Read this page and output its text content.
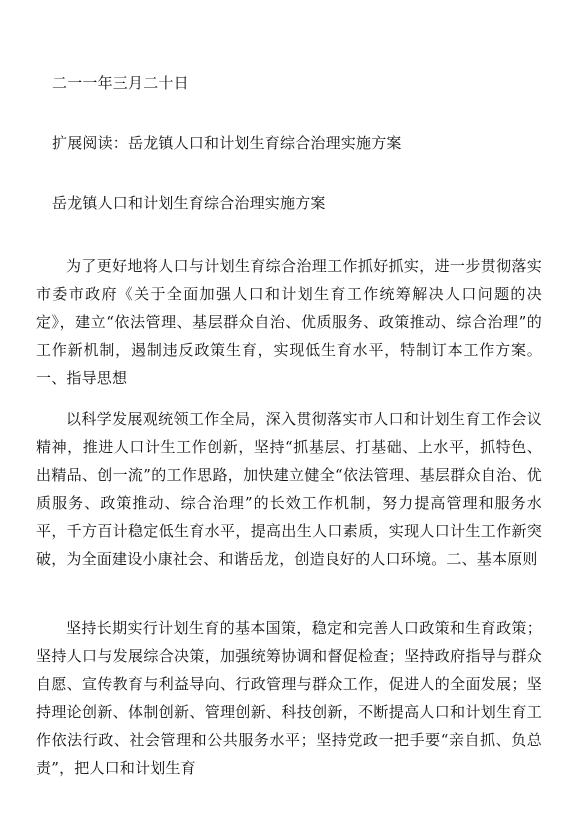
二一一年三月二十日

扩展阅读：岳龙镇人口和计划生育综合治理实施方案

岳龙镇人口和计划生育综合治理实施方案

为了更好地将人口与计划生育综合治理工作抓好抓实，进一步贯彻落实市委市政府《关于全面加强人口和计划生育工作统筹解决人口问题的决定》，建立“依法管理、基层群众自治、优质服务、政策推动、综合治理”的工作新机制，遏制违反政策生育，实现低生育水平，特制订本工作方案。一、指导思想

以科学发展观统领工作全局，深入贯彻落实市人口和计划生育工作会议精神，推进人口计生工作创新，坚持“抓基层、打基础、上水平，抓特色、出精品、创一流”的工作思路，加快建立健全“依法管理、基层群众自治、优质服务、政策推动、综合治理”的长效工作机制，努力提高管理和服务水平，千方百计稳定低生育水平，提高出生人口素质，实现人口计生工作新突破，为全面建设小康社会、和谐岳龙，创造良好的人口环境。二、基本原则

坚持长期实行计划生育的基本国策，稳定和完善人口政策和生育政策；坚持人口与发展综合决策，加强统筹协调和督促检查；坚持政府指导与群众自愿、宣传教育与利益导向、行政管理与群众工作，促进人的全面发展；坚持理论创新、体制创新、管理创新、科技创新，不断提高人口和计划生育工作依法行政、社会管理和公共服务水平；坚持党政一把手要“亲自抓、负总责”，把人口和计划生育
